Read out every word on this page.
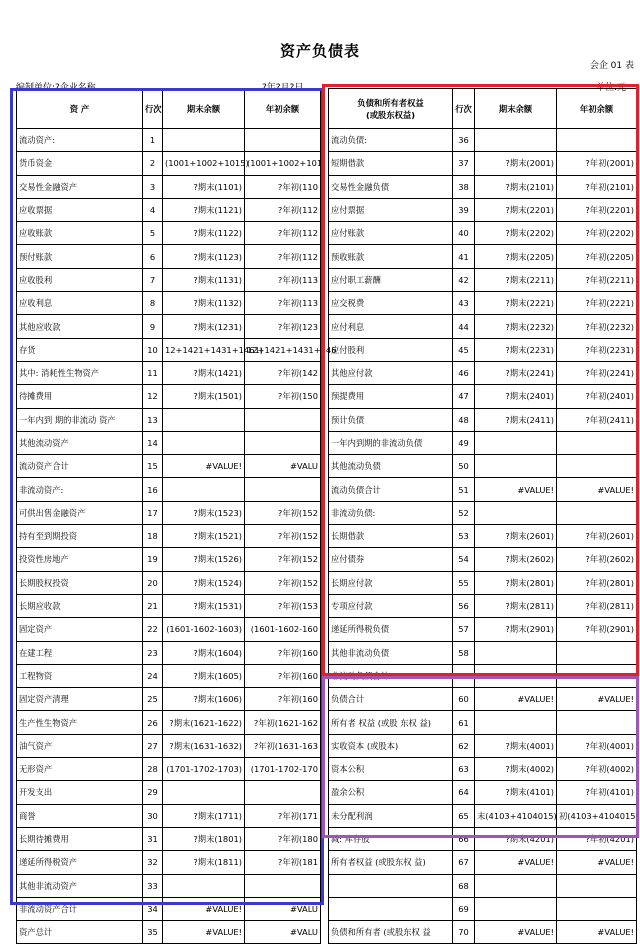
资产负债表
会企 01 表
编制单位:?企业名称	?年?月?日	单位:元
资 产	行次	期末余额	年初余额		负债和所有者权益
(或股东权益)	行次	期末余额	年初余额
流动资产:	1				流动负债:	36		
货币资金	2	(1001+1002+1015)	(1001+1002+101		短期借款	37	?期末(2001)	?年初(2001)
交易性金融资产	3	?期末(1101)	?年初(110		交易性金融负债	38	?期末(2101)	?年初(2101)
应收票据	4	?期末(1121)	?年初(112		应付票据	39	?期末(2201)	?年初(2201)
应收账款	5	?期末(1122)	?年初(112		应付账款	40	?期末(2202)	?年初(2202)
预付账款	6	?期末(1123)	?年初(112		预收账款	41	?期末(2205)	?年初(2205)
应收股利	7	?期末(1131)	?年初(113		应付职工薪酬	42	?期末(2211)	?年初(2211)
应收利息	8	?期末(1132)	?年初(113		应交税费	43	?期末(2221)	?年初(2221)
其他应收款	9	?期末(1231)	?年初(123		应付利息	44	?期末(2232)	?年初(2232)
存货	10	12+1421+1431+1461)	12+1421+1431+146		应付股利	45	?期末(2231)	?年初(2231)
其中: 消耗性生物资产	11	?期末(1421)	?年初(142		其他应付款	46	?期末(2241)	?年初(2241)
待摊费用	12	?期末(1501)	?年初(150		预提费用	47	?期末(2401)	?年初(2401)
一年内到 期的非流动 资产	13				预计负债	48	?期末(2411)	?年初(2411)
其他流动资产	14				一年内到期的非流动负债	49		
流动资产合计	15	#VALUE!	#VALU		其他流动负债	50		
非流动资产:	16				流动负债合计	51	#VALUE!	#VALUE!
可供出售金融资产	17	?期末(1523)	?年初(152		非流动负债:	52		
持有至到期投资	18	?期末(1521)	?年初(152		长期借款	53	?期末(2601)	?年初(2601)
投资性房地产	19	?期末(1526)	?年初(152		应付债券	54	?期末(2602)	?年初(2602)
长期股权投资	20	?期末(1524)	?年初(152		长期应付款	55	?期末(2801)	?年初(2801)
长期应收款	21	?期末(1531)	?年初(153		专项应付款	56	?期末(2811)	?年初(2811)
固定资产	22	(1601-1602-1603)	(1601-1602-160		递延所得税负债	57	?期末(2901)	?年初(2901)
在建工程	23	?期末(1604)	?年初(160		其他非流动负债	58		
工程物资	24	?期末(1605)	?年初(160		非流动负债合计	59	#VALUE!	#VALUE!
固定资产清理	25	?期末(1606)	?年初(160		负债合计	60	#VALUE!	#VALUE!
生产性生物资产	26	?期末(1621-1622)	?年初(1621-162		所有者 权益 (或股 东权 益)	61		
油气资产	27	?期末(1631-1632)	?年初(1631-163		实收资本 (或股本)	62	?期末(4001)	?年初(4001)
无形资产	28	(1701-1702-1703)	(1701-1702-170		资本公积	63	?期末(4002)	?年初(4002)
开发支出	29				盈余公积	64	?期末(4101)	?年初(4101)
商誉	30	?期末(1711)	?年初(171		未分配利润	65	末(4103+4104015)	初(4103+4104015
长期待摊费用	31	?期末(1801)	?年初(180		减: 库存股	66	?期末(4201)	?年初(4201)
递延所得税资产	32	?期末(1811)	?年初(181		所有者权益 (或股东权 益)	67	#VALUE!	#VALUE!
其他非流动资产	33					68		
非流动资产合计	34	#VALUE!	#VALU			69		
资产总计	35	#VALUE!	#VALU		负债和所有者 (或股东权 益	70	#VALUE!	#VALUE!
